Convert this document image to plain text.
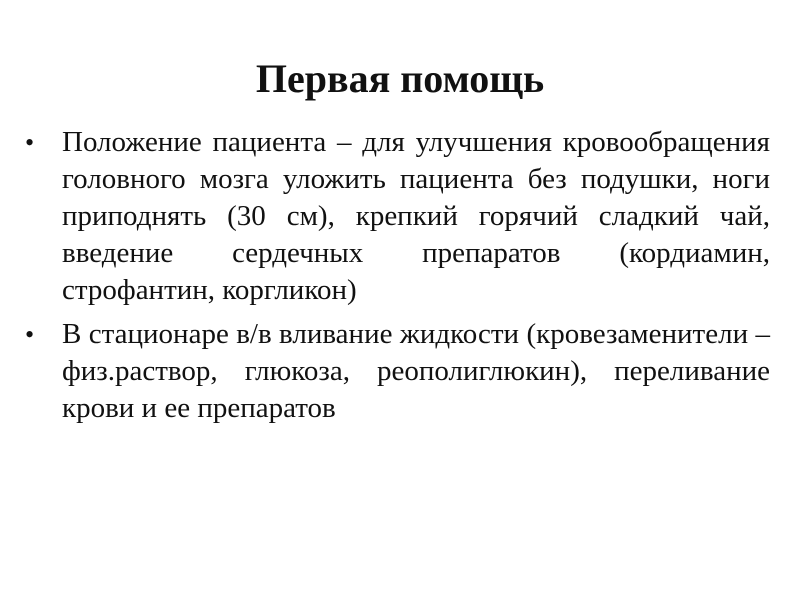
Первая помощь
• Положение пациента – для улучшения кровообращения головного мозга уложить пациента без подушки, ноги приподнять (30 см), крепкий горячий сладкий чай, введение сердечных препаратов (кордиамин, строфантин, коргликон)
• В стационаре в/в вливание жидкости (кровезаменители – физ.раствор, глюкоза, реополиглюкин), переливание крови и ее препаратов
